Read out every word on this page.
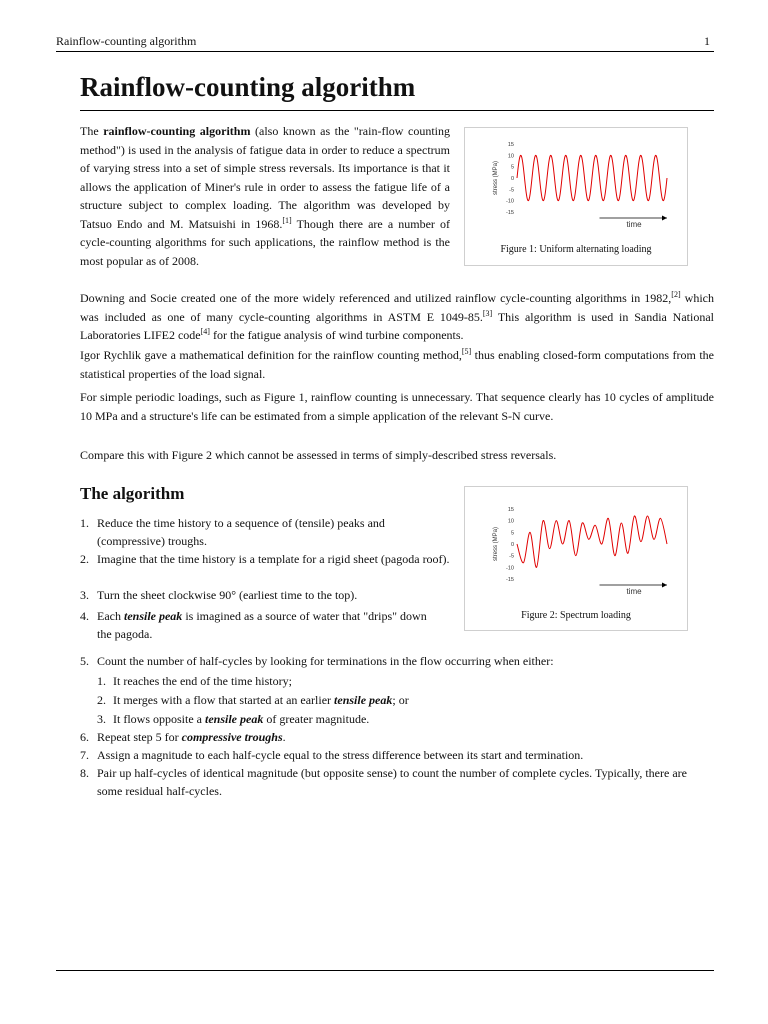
Rainflow-counting algorithm	1
Rainflow-counting algorithm

The rainflow-counting algorithm (also known as the "rain-flow counting method") is used in the analysis of fatigue data in order to reduce a spectrum of varying stress into a set of simple stress reversals. Its importance is that it allows the application of Miner's rule in order to assess the fatigue life of a structure subject to complex loading. The algorithm was developed by Tatsuo Endo and M. Matsuishi in 1968.[1] Though there are a number of cycle-counting algorithms for such applications, the rainflow method is the most popular as of 2008.

stress (MPa)
15
10
5
0
-5
-10
-15
time
Figure 1: Uniform alternating loading

Downing and Socie created one of the more widely referenced and utilized rainflow cycle-counting algorithms in 1982,[2] which was included as one of many cycle-counting algorithms in ASTM E 1049-85.[3] This algorithm is used in Sandia National Laboratories LIFE2 code[4] for the fatigue analysis of wind turbine components.

Igor Rychlik gave a mathematical definition for the rainflow counting method,[5] thus enabling closed-form computations from the statistical properties of the load signal.

For simple periodic loadings, such as Figure 1, rainflow counting is unnecessary. That sequence clearly has 10 cycles of amplitude 10 MPa and a structure's life can be estimated from a simple application of the relevant S-N curve.

Compare this with Figure 2 which cannot be assessed in terms of simply-described stress reversals.

The algorithm
stress (MPa)
15
10
5
0
-5
-10
-15
time
Figure 2: Spectrum loading
1. Reduce the time history to a sequence of (tensile) peaks and (compressive) troughs.
2. Imagine that the time history is a template for a rigid sheet (pagoda roof).
3. Turn the sheet clockwise 90° (earliest time to the top).
4. Each tensile peak is imagined as a source of water that "drips" down the pagoda.
5. Count the number of half-cycles by looking for terminations in the flow occurring when either:
1. It reaches the end of the time history;
2. It merges with a flow that started at an earlier tensile peak; or
3. It flows opposite a tensile peak of greater magnitude.
6. Repeat step 5 for compressive troughs.
7. Assign a magnitude to each half-cycle equal to the stress difference between its start and termination.
8. Pair up half-cycles of identical magnitude (but opposite sense) to count the number of complete cycles. Typically, there are some residual half-cycles.
